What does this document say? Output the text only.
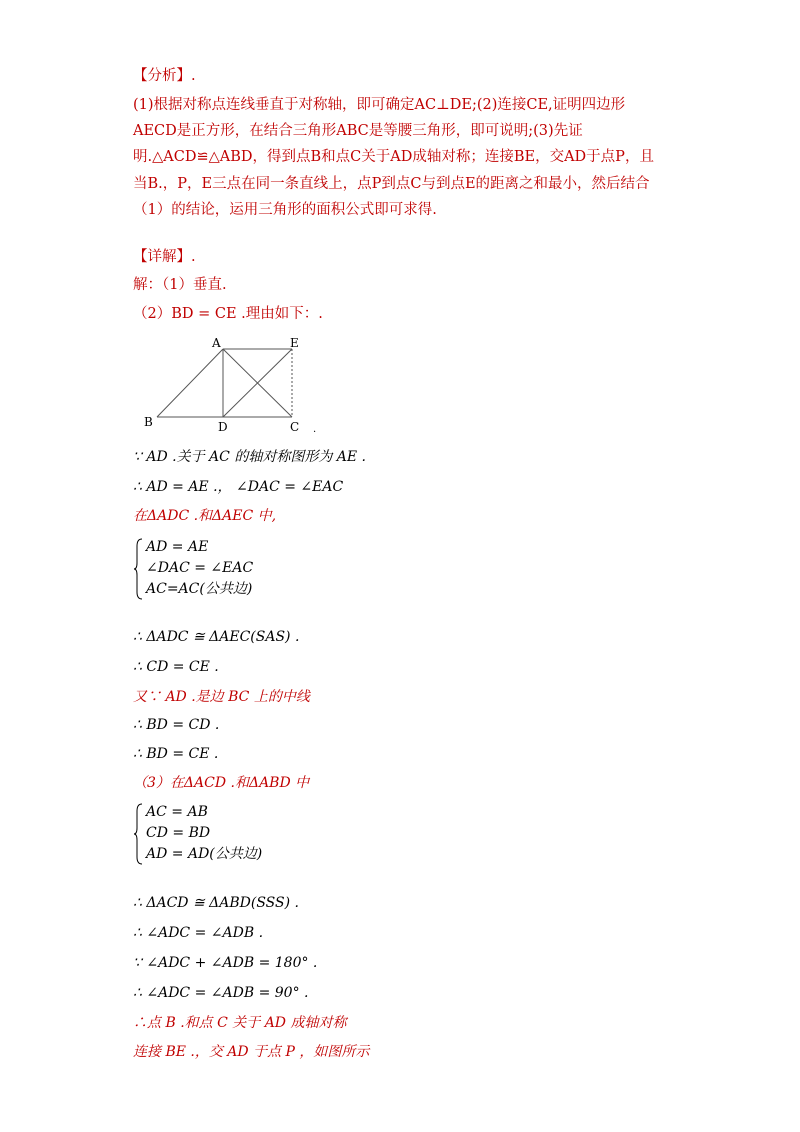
【分析】.
(1)根据对称点连线垂直于对称轴，即可确定AC⊥DE;(2)连接CE,证明四边形AECD是正方形，在结合三角形ABC是等腰三角形，即可说明;(3)先证明.△ACD≌△ABD，得到点B和点C关于AD成轴对称；连接BE，交AD于点P，且当B.，P，E三点在同一条直线上，点P到点C与到点E的距离之和最小，然后结合（1）的结论，运用三角形的面积公式即可求得.
【详解】.
解：（1）垂直.
（2）BD = CE .理由如下：.
A	E
B	D	C .
∵ AD .关于 AC 的轴对称图形为 AE .
∴ AD = AE .， ∠DAC = ∠EAC
在ΔADC .和ΔAEC 中,
AD = AE
∠DAC = ∠EAC
AC=AC(公共边)
∴ ΔADC ≅ ΔAEC(SAS) .
∴ CD = CE .
又∵ AD .是边 BC 上的中线
∴ BD = CD .
∴ BD = CE .
（3）在ΔACD .和ΔABD 中
AC = AB
CD = BD
AD = AD(公共边)
∴ ΔACD ≅ ΔABD(SSS) .
∴ ∠ADC = ∠ADB .
∵ ∠ADC + ∠ADB = 180° .
∴ ∠ADC = ∠ADB = 90° .
∴点 B .和点 C 关于 AD 成轴对称
连接 BE .，交 AD 于点 P ，如图所示
